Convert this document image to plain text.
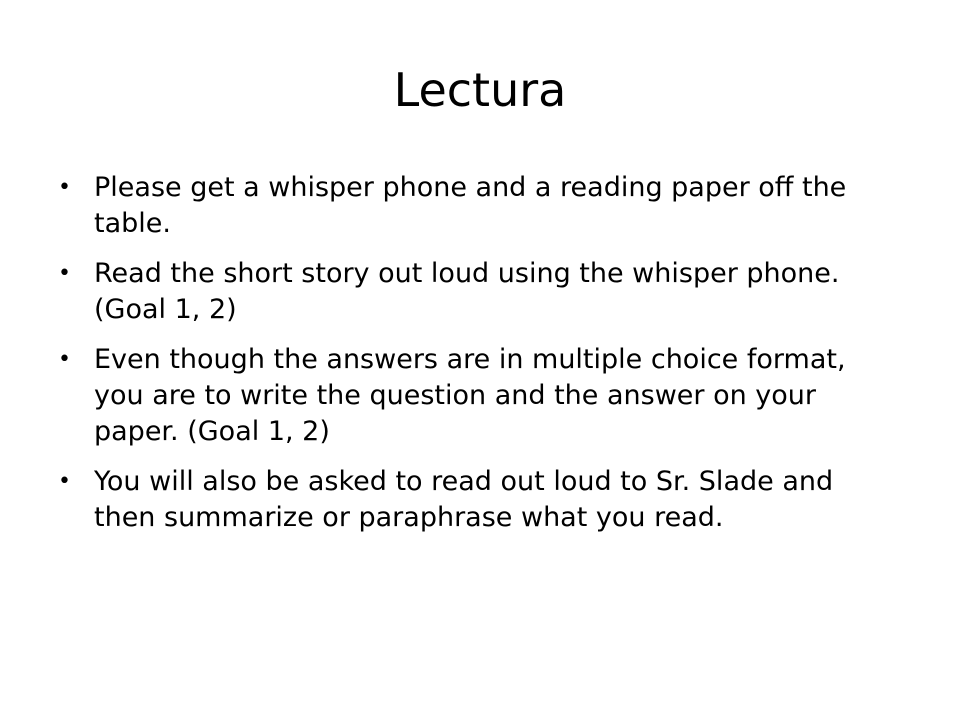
Lectura
• Please get a whisper phone and a reading paper off the table.
• Read the short story out loud using the whisper phone. (Goal 1, 2)
• Even though the answers are in multiple choice format, you are to write the question and the answer on your paper. (Goal 1, 2)
• You will also be asked to read out loud to Sr. Slade and then summarize or paraphrase what you read.
